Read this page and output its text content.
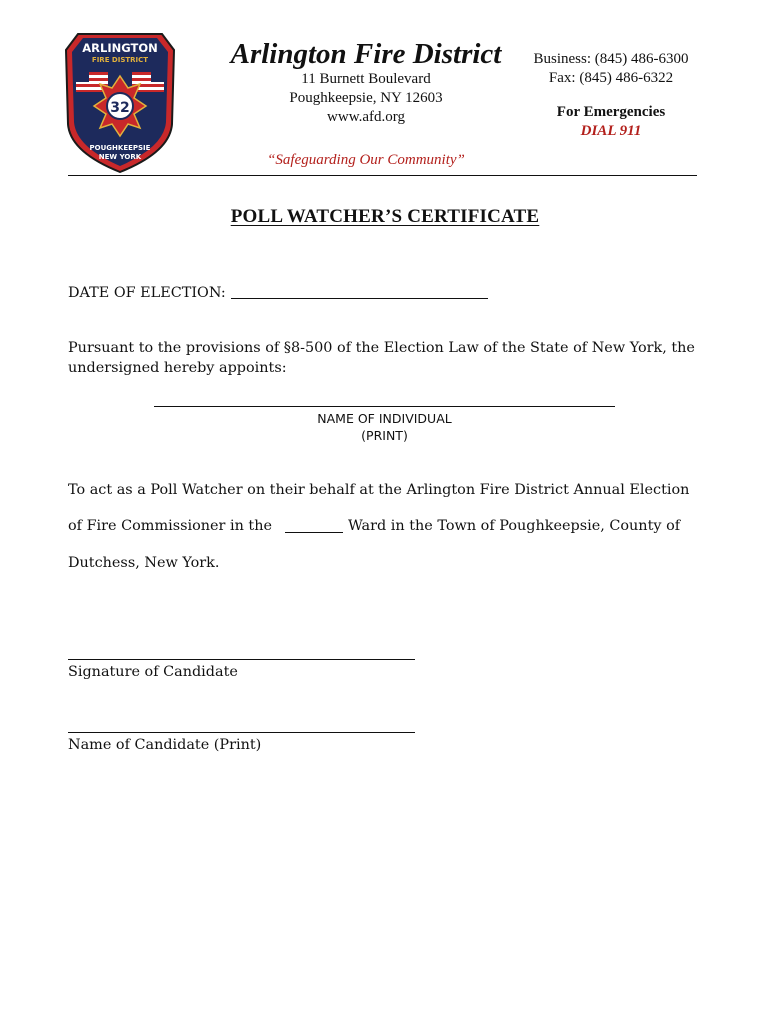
ARLINGTON
FIRE DISTRICT
32
POUGHKEEPSIE
NEW YORK
Arlington Fire District
11 Burnett Boulevard
Poughkeepsie, NY 12603
www.afd.org
“Safeguarding Our Community”
Business: (845) 486-6300
Fax: (845) 486-6322
For Emergencies
DIAL 911
POLL WATCHER’S CERTIFICATE
DATE OF ELECTION:
Pursuant to the provisions of §8-500 of the Election Law of the State of New York, the
undersigned hereby appoints:
NAME OF INDIVIDUAL
(PRINT)
To act as a Poll Watcher on their behalf at the Arlington Fire District Annual Election
of Fire Commissioner in the	Ward in the Town of Poughkeepsie, County of
Dutchess, New York.
Signature of Candidate
Name of Candidate (Print)
